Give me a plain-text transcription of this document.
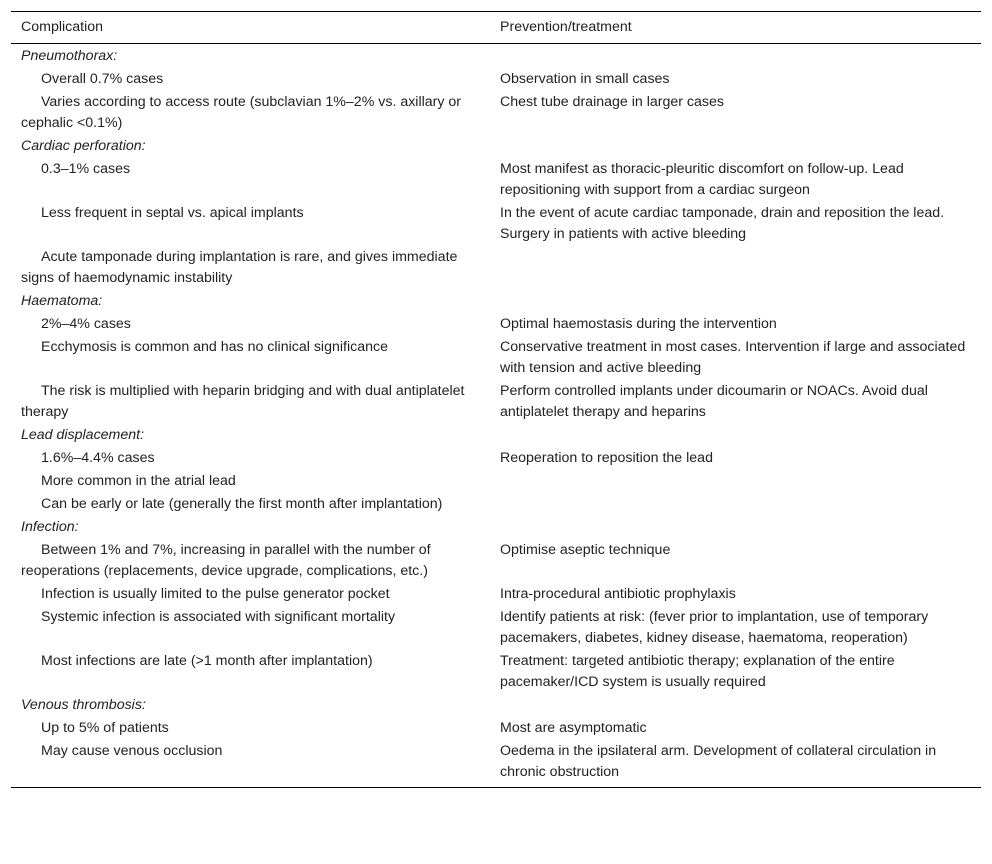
Complication	Prevention/treatment
Pneumothorax:	
Overall 0.7% cases	Observation in small cases
Varies according to access route (subclavian 1%–2% vs. axillary or cephalic <0.1%)	Chest tube drainage in larger cases
Cardiac perforation:	
0.3–1% cases	Most manifest as thoracic-pleuritic discomfort on follow-up. Lead repositioning with support from a cardiac surgeon
Less frequent in septal vs. apical implants	In the event of acute cardiac tamponade, drain and reposition the lead. Surgery in patients with active bleeding
Acute tamponade during implantation is rare, and gives immediate signs of haemodynamic instability	
Haematoma:	
2%–4% cases	Optimal haemostasis during the intervention
Ecchymosis is common and has no clinical significance	Conservative treatment in most cases. Intervention if large and associated with tension and active bleeding
The risk is multiplied with heparin bridging and with dual antiplatelet therapy	Perform controlled implants under dicoumarin or NOACs. Avoid dual antiplatelet therapy and heparins
Lead displacement:	
1.6%–4.4% cases	Reoperation to reposition the lead
More common in the atrial lead	
Can be early or late (generally the first month after implantation)	
Infection:	
Between 1% and 7%, increasing in parallel with the number of reoperations (replacements, device upgrade, complications, etc.)	Optimise aseptic technique
Infection is usually limited to the pulse generator pocket	Intra-procedural antibiotic prophylaxis
Systemic infection is associated with significant mortality	Identify patients at risk: (fever prior to implantation, use of temporary pacemakers, diabetes, kidney disease, haematoma, reoperation)
Most infections are late (>1 month after implantation)	Treatment: targeted antibiotic therapy; explanation of the entire pacemaker/ICD system is usually required
Venous thrombosis:	
Up to 5% of patients	Most are asymptomatic
May cause venous occlusion	Oedema in the ipsilateral arm. Development of collateral circulation in chronic obstruction
